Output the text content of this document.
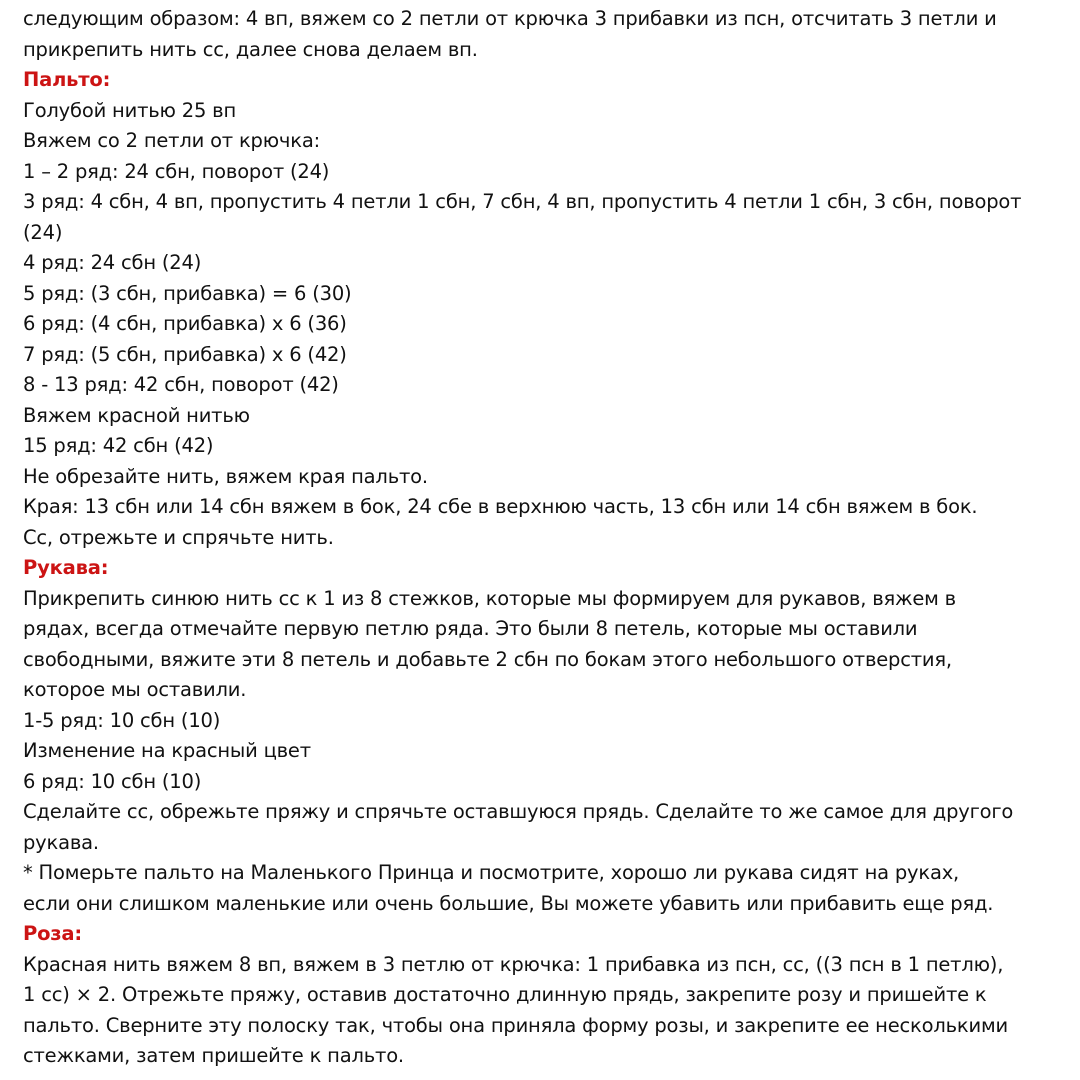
следующим образом: 4 вп, вяжем со 2 петли от крючка 3 прибавки из псн, отсчитать 3 петли и
прикрепить нить сс, далее снова делаем вп.
Пальто:
Голубой нитью 25 вп
Вяжем со 2 петли от крючка:
1 – 2 ряд: 24 сбн, поворот (24)
3 ряд: 4 сбн, 4 вп, пропустить 4 петли 1 сбн, 7 сбн, 4 вп, пропустить 4 петли 1 сбн, 3 сбн, поворот
(24)
4 ряд: 24 сбн (24)
5 ряд: (3 сбн, прибавка) = 6 (30)
6 ряд: (4 сбн, прибавка) х 6 (36)
7 ряд: (5 сбн, прибавка) х 6 (42)
8 - 13 ряд: 42 сбн, поворот (42)
Вяжем красной нитью
15 ряд: 42 сбн (42)
Не обрезайте нить, вяжем края пальто.
Края: 13 сбн или 14 сбн вяжем в бок, 24 сбе в верхнюю часть, 13 сбн или 14 сбн вяжем в бок.
Сс, отрежьте и спрячьте нить.
Рукава:
Прикрепить синюю нить сс к 1 из 8 стежков, которые мы формируем для рукавов, вяжем в
рядах, всегда отмечайте первую петлю ряда. Это были 8 петель, которые мы оставили
свободными, вяжите эти 8 петель и добавьте 2 сбн по бокам этого небольшого отверстия,
которое мы оставили.
1-5 ряд: 10 сбн (10)
Изменение на красный цвет
6 ряд: 10 сбн (10)
Сделайте сс, обрежьте пряжу и спрячьте оставшуюся прядь. Сделайте то же самое для другого
рукава.
* Померьте пальто на Маленького Принца и посмотрите, хорошо ли рукава сидят на руках,
если они слишком маленькие или очень большие, Вы можете убавить или прибавить еще ряд.
Роза:
Красная нить вяжем 8 вп, вяжем в 3 петлю от крючка: 1 прибавка из псн, сс, ((3 псн в 1 петлю),
1 сс) × 2. Отрежьте пряжу, оставив достаточно длинную прядь, закрепите розу и пришейте к
пальто. Сверните эту полоску так, чтобы она приняла форму розы, и закрепите ее несколькими
стежками, затем пришейте к пальто.
